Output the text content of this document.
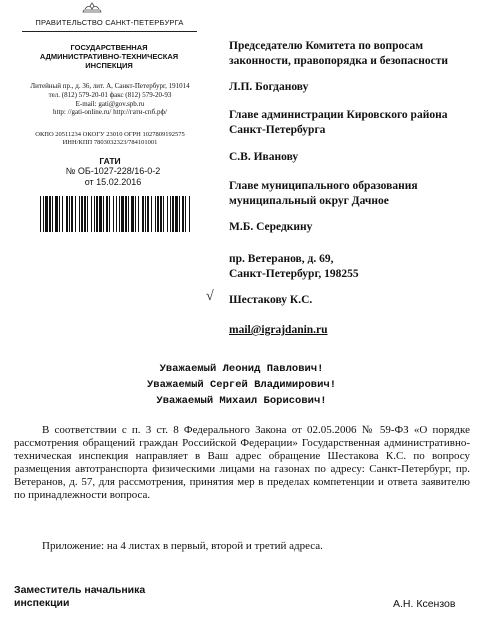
ПРАВИТЕЛЬСТВО САНКТ-ПЕТЕРБУРГА
ГОСУДАРСТВЕННАЯ
АДМИНИСТРАТИВНО-ТЕХНИЧЕСКАЯ
ИНСПЕКЦИЯ
Литейный пр., д. 36, лит. А, Санкт-Петербург, 191014
тел. (812) 579-20-01 факс (812) 579-20-93
E-mail: gati@gov.spb.ru
http: //gati-online.ru/ http://гати-спб.рф/
ОКПО 20511234 ОКОГУ 23010 ОГРН 1027809192575
ИНН/КПП 7803032323/784101001
ГАТИ
№ ОБ-1027-228/16-0-2
от 15.02.2016
Председателю Комитета по вопросам
законности, правопорядка и безопасности
Л.П. Богданову
Главе администрации Кировского района
Санкт-Петербурга
С.В. Иванову
Главе муниципального образования
муниципальный округ Дачное
М.Б. Середкину
пр. Ветеранов, д. 69,
Санкт-Петербург, 198255
√ Шестакову К.С.
mail@igrajdanin.ru
Уважаемый Леонид Павлович!
Уважаемый Сергей Владимирович!
Уважаемый Михаил Борисович!
В соответствии с п. 3 ст. 8 Федерального Закона от 02.05.2006 № 59-ФЗ «О порядке рассмотрения обращений граждан Российской Федерации» Государственная административно-техническая инспекция направляет в Ваш адрес обращение Шестакова К.С. по вопросу размещения автотранспорта физическими лицами на газонах по адресу: Санкт-Петербург, пр. Ветеранов, д. 57, для рассмотрения, принятия мер в пределах компетенции и ответа заявителю по принадлежности вопроса.
Приложение: на 4 листах в первый, второй и третий адреса.
Заместитель начальника
инспекции	А.Н. Ксензов
